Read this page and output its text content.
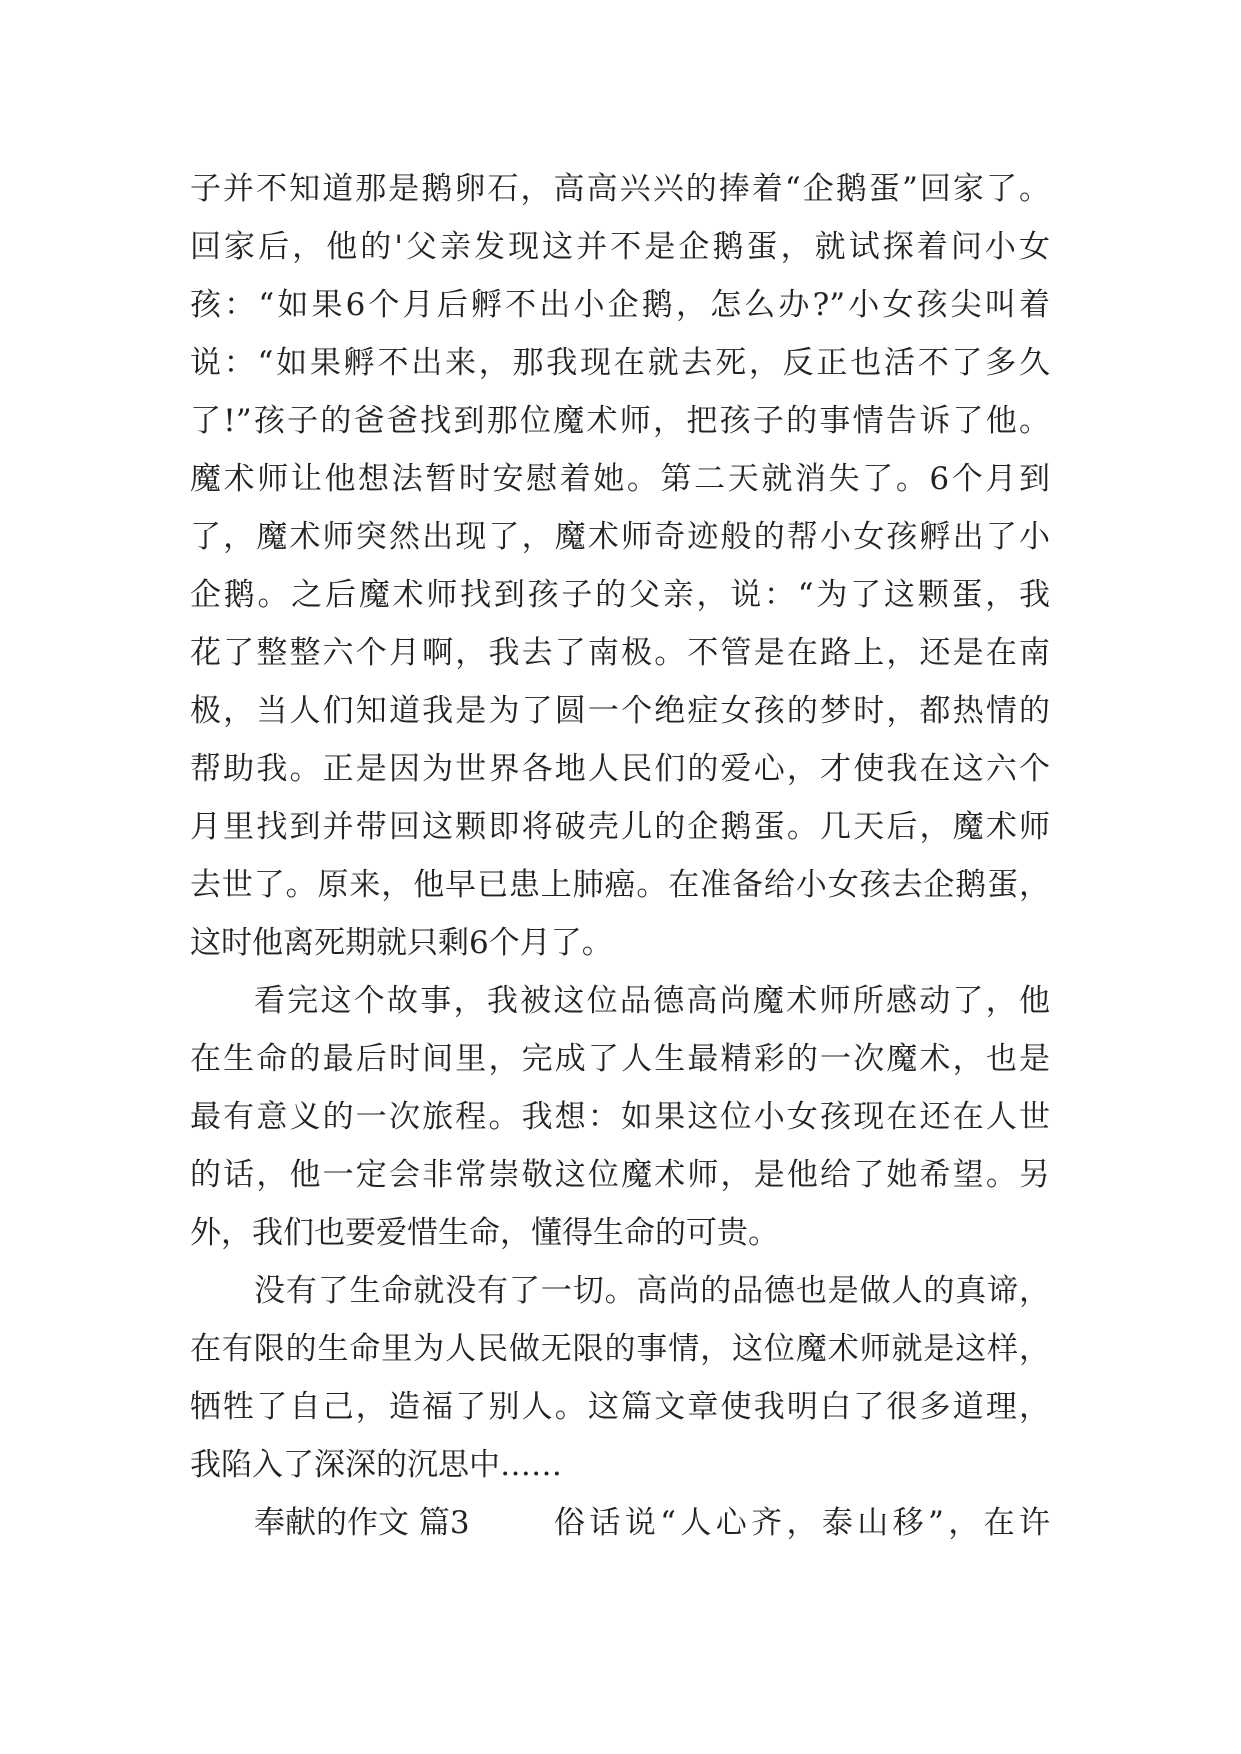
子并不知道那是鹅卵石，高高兴兴的捧着“企鹅蛋”回家了。
回家后，他的'父亲发现这并不是企鹅蛋，就试探着问小女
孩：“如果6个月后孵不出小企鹅，怎么办?”小女孩尖叫着
说：“如果孵不出来，那我现在就去死，反正也活不了多久
了!”孩子的爸爸找到那位魔术师，把孩子的事情告诉了他。
魔术师让他想法暂时安慰着她。第二天就消失了。6个月到
了，魔术师突然出现了，魔术师奇迹般的帮小女孩孵出了小
企鹅。之后魔术师找到孩子的父亲，说：“为了这颗蛋，我
花了整整六个月啊，我去了南极。不管是在路上，还是在南
极，当人们知道我是为了圆一个绝症女孩的梦时，都热情的
帮助我。正是因为世界各地人民们的爱心，才使我在这六个
月里找到并带回这颗即将破壳儿的企鹅蛋。几天后，魔术师
去世了。原来，他早已患上肺癌。在准备给小女孩去企鹅蛋，
这时他离死期就只剩6个月了。
看完这个故事，我被这位品德高尚魔术师所感动了，他
在生命的最后时间里，完成了人生最精彩的一次魔术，也是
最有意义的一次旅程。我想：如果这位小女孩现在还在人世
的话，他一定会非常崇敬这位魔术师，是他给了她希望。另
外，我们也要爱惜生命，懂得生命的可贵。
没有了生命就没有了一切。高尚的品德也是做人的真谛，
在有限的生命里为人民做无限的事情，这位魔术师就是这样，
牺牲了自己，造福了别人。这篇文章使我明白了很多道理，
我陷入了深深的沉思中……
奉献的作文 篇3	俗话说“人心齐，泰山移”，在许
